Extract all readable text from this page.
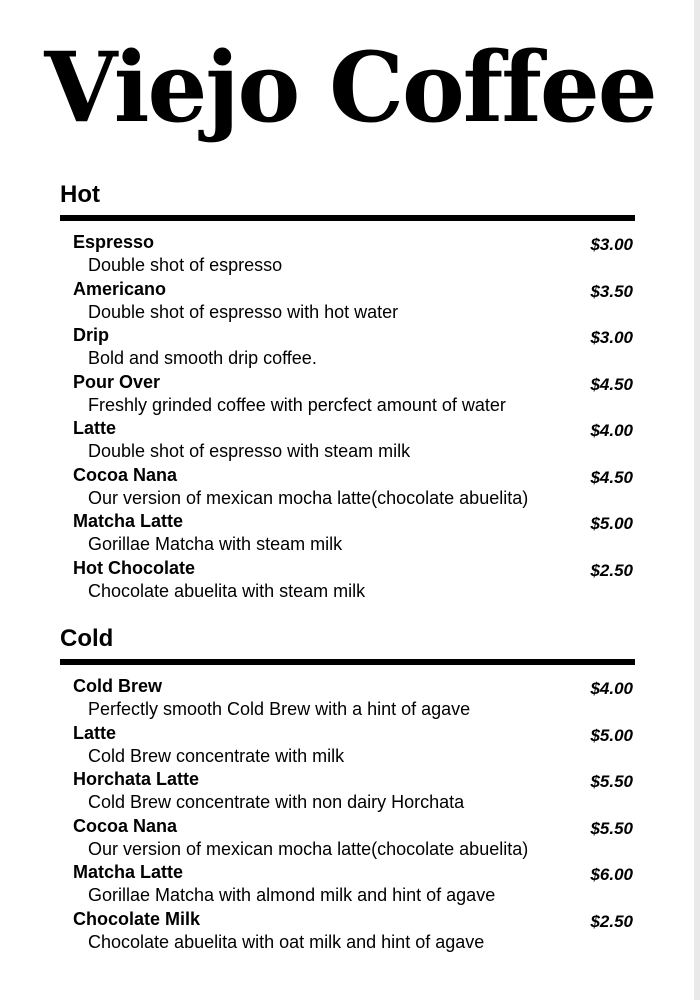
Viejo Coffee
Hot
Espresso
Double shot of espresso
$3.00
Americano
Double shot of espresso with hot water
$3.50
Drip
Bold and smooth drip coffee.
$3.00
Pour Over
Freshly grinded coffee with percfect amount of water
$4.50
Latte
Double shot of espresso with steam milk
$4.00
Cocoa Nana
Our version of mexican mocha latte(chocolate abuelita)
$4.50
Matcha Latte
Gorillae Matcha with steam milk
$5.00
Hot Chocolate
Chocolate abuelita with steam milk
$2.50
Cold
Cold Brew
Perfectly smooth Cold Brew with a hint of agave
$4.00
Latte
Cold Brew concentrate with milk
$5.00
Horchata Latte
Cold Brew concentrate with non dairy Horchata
$5.50
Cocoa Nana
Our version of mexican mocha latte(chocolate abuelita)
$5.50
Matcha Latte
Gorillae Matcha with almond milk and hint of agave
$6.00
Chocolate Milk
Chocolate abuelita with oat milk and hint of agave
$2.50
